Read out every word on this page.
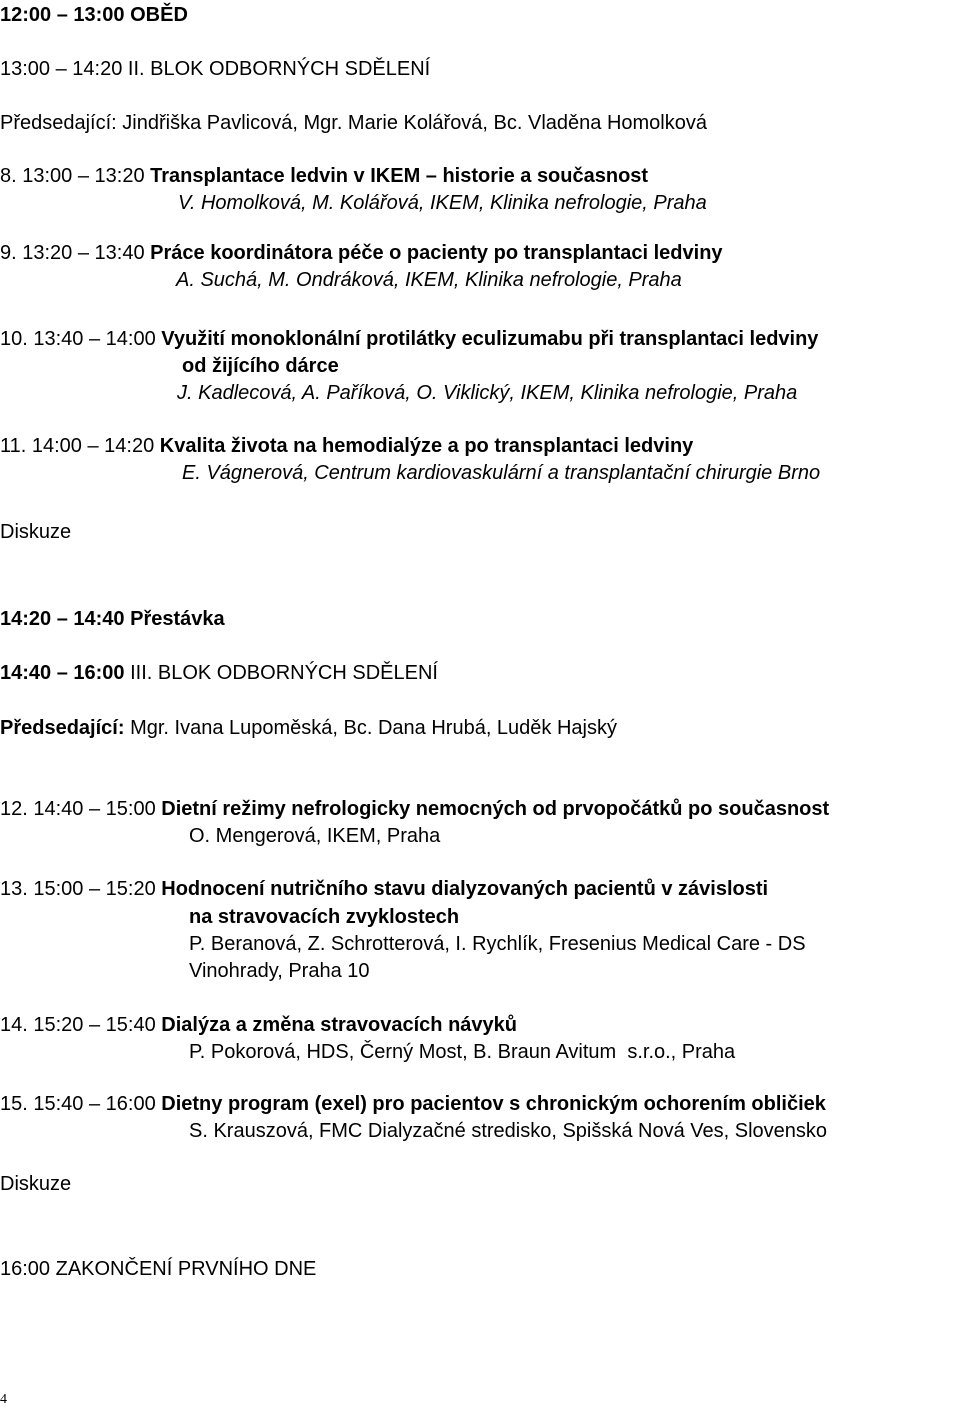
12:00 – 13:00 OBĚD
13:00 – 14:20 II. BLOK ODBORNÝCH SDĚLENÍ
Předsedající: Jindřiška Pavlicová, Mgr. Marie Kolářová, Bc. Vladěna Homolková
8. 13:00 – 13:20 Transplantace ledvin v IKEM – historie a současnost
V. Homolková, M. Kolářová, IKEM, Klinika nefrologie, Praha
9. 13:20 – 13:40 Práce koordinátora péče o pacienty po transplantaci ledviny
A. Suchá, M. Ondráková, IKEM, Klinika nefrologie, Praha
10. 13:40 – 14:00 Využití monoklonální protilátky eculizumabu při transplantaci ledviny
od žijícího dárce
J. Kadlecová, A. Paříková, O. Viklický, IKEM, Klinika nefrologie, Praha
11. 14:00 – 14:20 Kvalita života na hemodialýze a po transplantaci ledviny
E. Vágnerová, Centrum kardiovaskulární a transplantační chirurgie Brno
Diskuze
14:20 – 14:40 Přestávka
14:40 – 16:00 III. BLOK ODBORNÝCH SDĚLENÍ
Předsedající: Mgr. Ivana Lupoměská, Bc. Dana Hrubá, Luděk Hajský
12. 14:40 – 15:00 Dietní režimy nefrologicky nemocných od prvopočátků po současnost
O. Mengerová, IKEM, Praha
13. 15:00 – 15:20 Hodnocení nutričního stavu dialyzovaných pacientů v závislosti
na stravovacích zvyklostech
P. Beranová, Z. Schrotterová, I. Rychlík, Fresenius Medical Care - DS
Vinohrady, Praha 10
14. 15:20 – 15:40 Dialýza a změna stravovacích návyků
P. Pokorová, HDS, Černý Most, B. Braun Avitum  s.r.o., Praha
15. 15:40 – 16:00 Dietny program (exel) pro pacientov s chronickým ochorením obličiek
S. Krauszová, FMC Dialyzačné stredisko, Spišská Nová Ves, Slovensko
Diskuze
16:00 ZAKONČENÍ PRVNÍHO DNE
4
